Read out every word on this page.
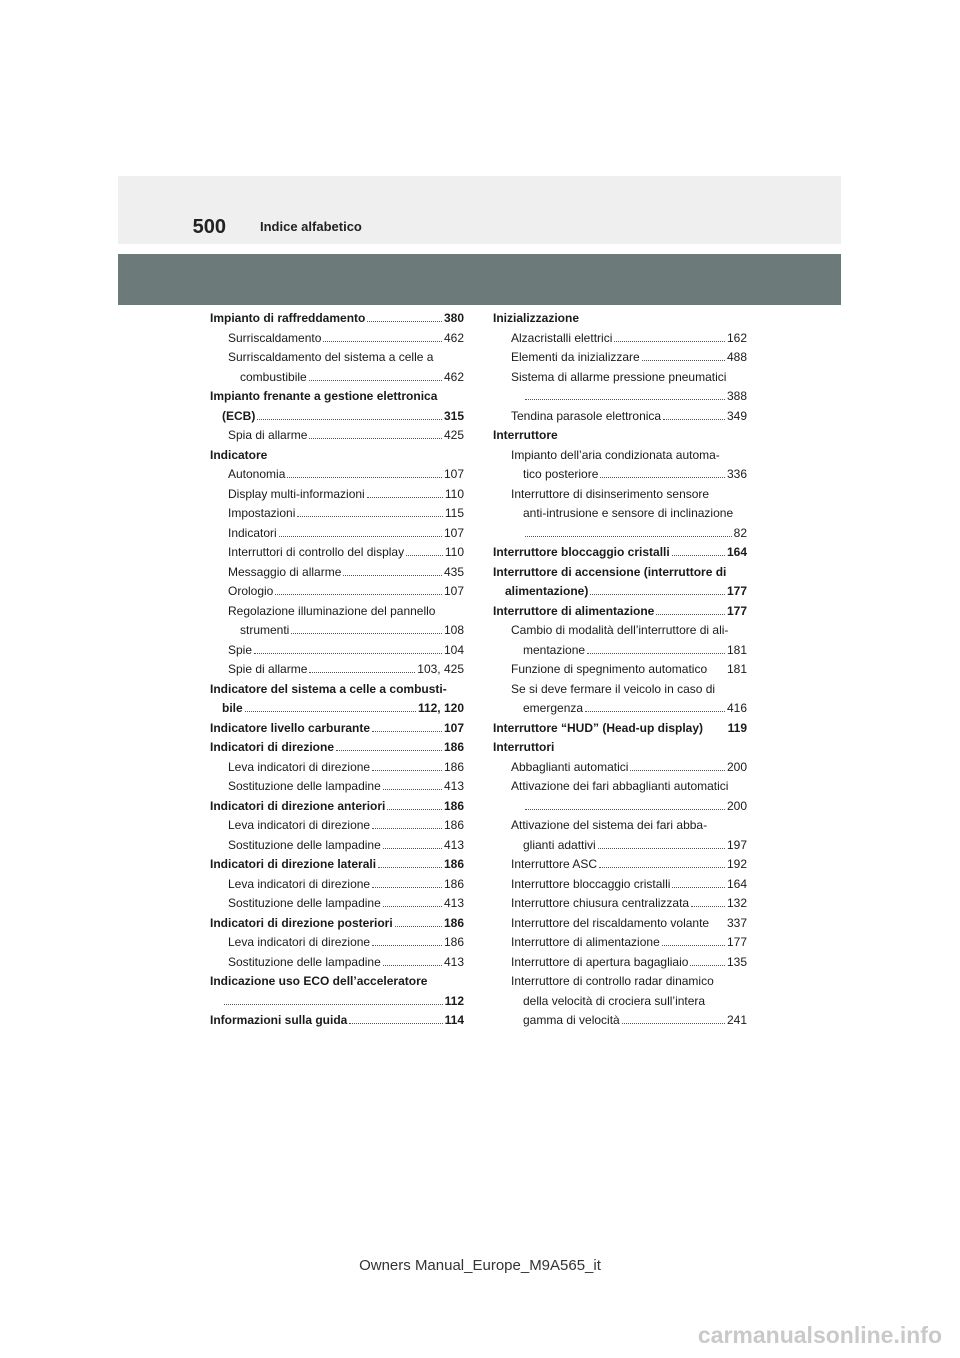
500	Indice alfabetico
Impianto di raffreddamento	380
Surriscaldamento	462
Surriscaldamento del sistema a celle a
combustibile	462
Impianto frenante a gestione elettronica
(ECB)	315
Spia di allarme	425
Indicatore
Autonomia	107
Display multi-informazioni	110
Impostazioni	115
Indicatori	107
Interruttori di controllo del display	110
Messaggio di allarme	435
Orologio	107
Regolazione illuminazione del pannello
strumenti	108
Spie	104
Spie di allarme	103, 425
Indicatore del sistema a celle a combusti-
bile	112, 120
Indicatore livello carburante	107
Indicatori di direzione	186
Leva indicatori di direzione	186
Sostituzione delle lampadine	413
Indicatori di direzione anteriori	186
Leva indicatori di direzione	186
Sostituzione delle lampadine	413
Indicatori di direzione laterali	186
Leva indicatori di direzione	186
Sostituzione delle lampadine	413
Indicatori di direzione posteriori	186
Leva indicatori di direzione	186
Sostituzione delle lampadine	413
Indicazione uso ECO dell’acceleratore
112
Informazioni sulla guida	114
Inizializzazione
Alzacristalli elettrici	162
Elementi da inizializzare	488
Sistema di allarme pressione pneumatici
388
Tendina parasole elettronica	349
Interruttore
Impianto dell’aria condizionata automa-
tico posteriore	336
Interruttore di disinserimento sensore
anti-intrusione e sensore di inclinazione
82
Interruttore bloccaggio cristalli	164
Interruttore di accensione (interruttore di
alimentazione)	177
Interruttore di alimentazione	177
Cambio di modalità dell’interruttore di ali-
mentazione	181
Funzione di spegnimento automatico 181
Se si deve fermare il veicolo in caso di
emergenza	416
Interruttore “HUD” (Head-up display) 119
Interruttori
Abbaglianti automatici	200
Attivazione dei fari abbaglianti automatici
200
Attivazione del sistema dei fari abba-
glianti adattivi	197
Interruttore ASC	192
Interruttore bloccaggio cristalli	164
Interruttore chiusura centralizzata	132
Interruttore del riscaldamento volante 337
Interruttore di alimentazione	177
Interruttore di apertura bagagliaio	135
Interruttore di controllo radar dinamico
della velocità di crociera sull’intera
gamma di velocità	241
Owners Manual_Europe_M9A565_it
carmanualsonline.info
